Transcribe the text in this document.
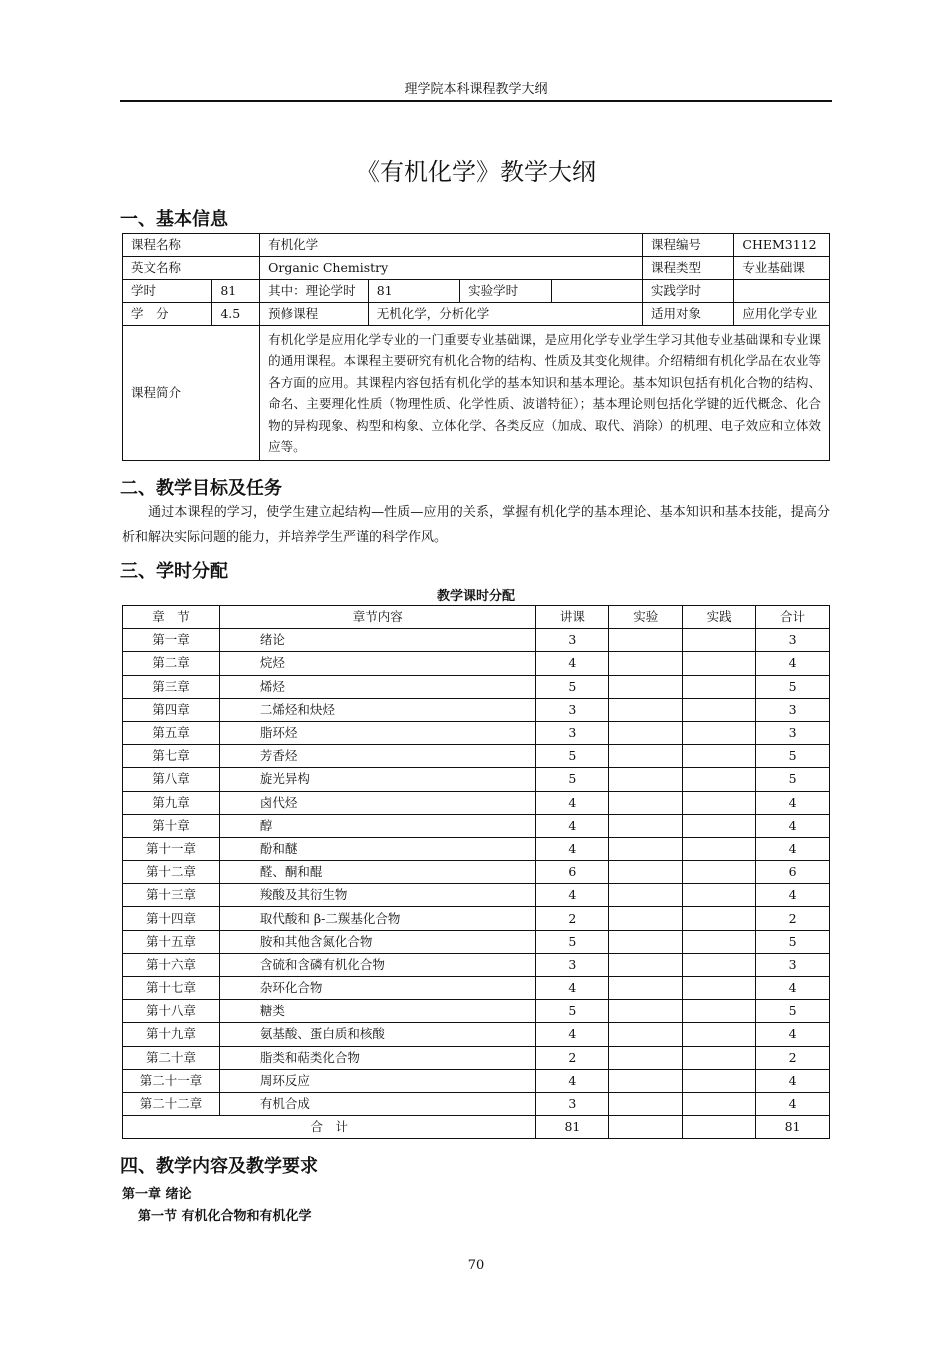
理学院本科课程教学大纲
《有机化学》教学大纲
一、基本信息
课程名称		有机化学				课程编号	CHEM3112
英文名称		Organic Chemistry				课程类型	专业基础课
学时	81	其中：理论学时	81	实验学时		实践学时	
学　分	4.5	预修课程	无机化学，分析化学			适用对象	应用化学专业
课程简介		有机化学是应用化学专业的一门重要专业基础课，是应用化学专业学生学习其他专业基础课和专业课的通用课程。本课程主要研究有机化合物的结构、性质及其变化规律。介绍精细有机化学品在农业等各方面的应用。其课程内容包括有机化学的基本知识和基本理论。基本知识包括有机化合物的结构、命名、主要理化性质（物理性质、化学性质、波谱特征）；基本理论则包括化学键的近代概念、化合物的异构现象、构型和构象、立体化学、各类反应（加成、取代、消除）的机理、电子效应和立体效应等。					
二、教学目标及任务
通过本课程的学习，使学生建立起结构—性质—应用的关系，掌握有机化学的基本理论、基本知识和基本技能，提高分析和解决实际问题的能力，并培养学生严谨的科学作风。
三、学时分配
教学课时分配
章　节	章节内容	讲课	实验	实践	合计
第一章	绪论	3			3
第二章	烷烃	4			4
第三章	烯烃	5			5
第四章	二烯烃和炔烃	3			3
第五章	脂环烃	3			3
第七章	芳香烃	5			5
第八章	旋光异构	5			5
第九章	卤代烃	4			4
第十章	醇	4			4
第十一章	酚和醚	4			4
第十二章	醛、酮和醌	6			6
第十三章	羧酸及其衍生物	4			4
第十四章	取代酸和 β-二羰基化合物	2			2
第十五章	胺和其他含氮化合物	5			5
第十六章	含硫和含磷有机化合物	3			3
第十七章	杂环化合物	4			4
第十八章	糖类	5			5
第十九章	氨基酸、蛋白质和核酸	4			4
第二十章	脂类和萜类化合物	2			2
第二十一章	周环反应	4			4
第二十二章	有机合成	3			4
合　计		81			81
四、教学内容及教学要求
第一章 绪论
第一节 有机化合物和有机化学
70
